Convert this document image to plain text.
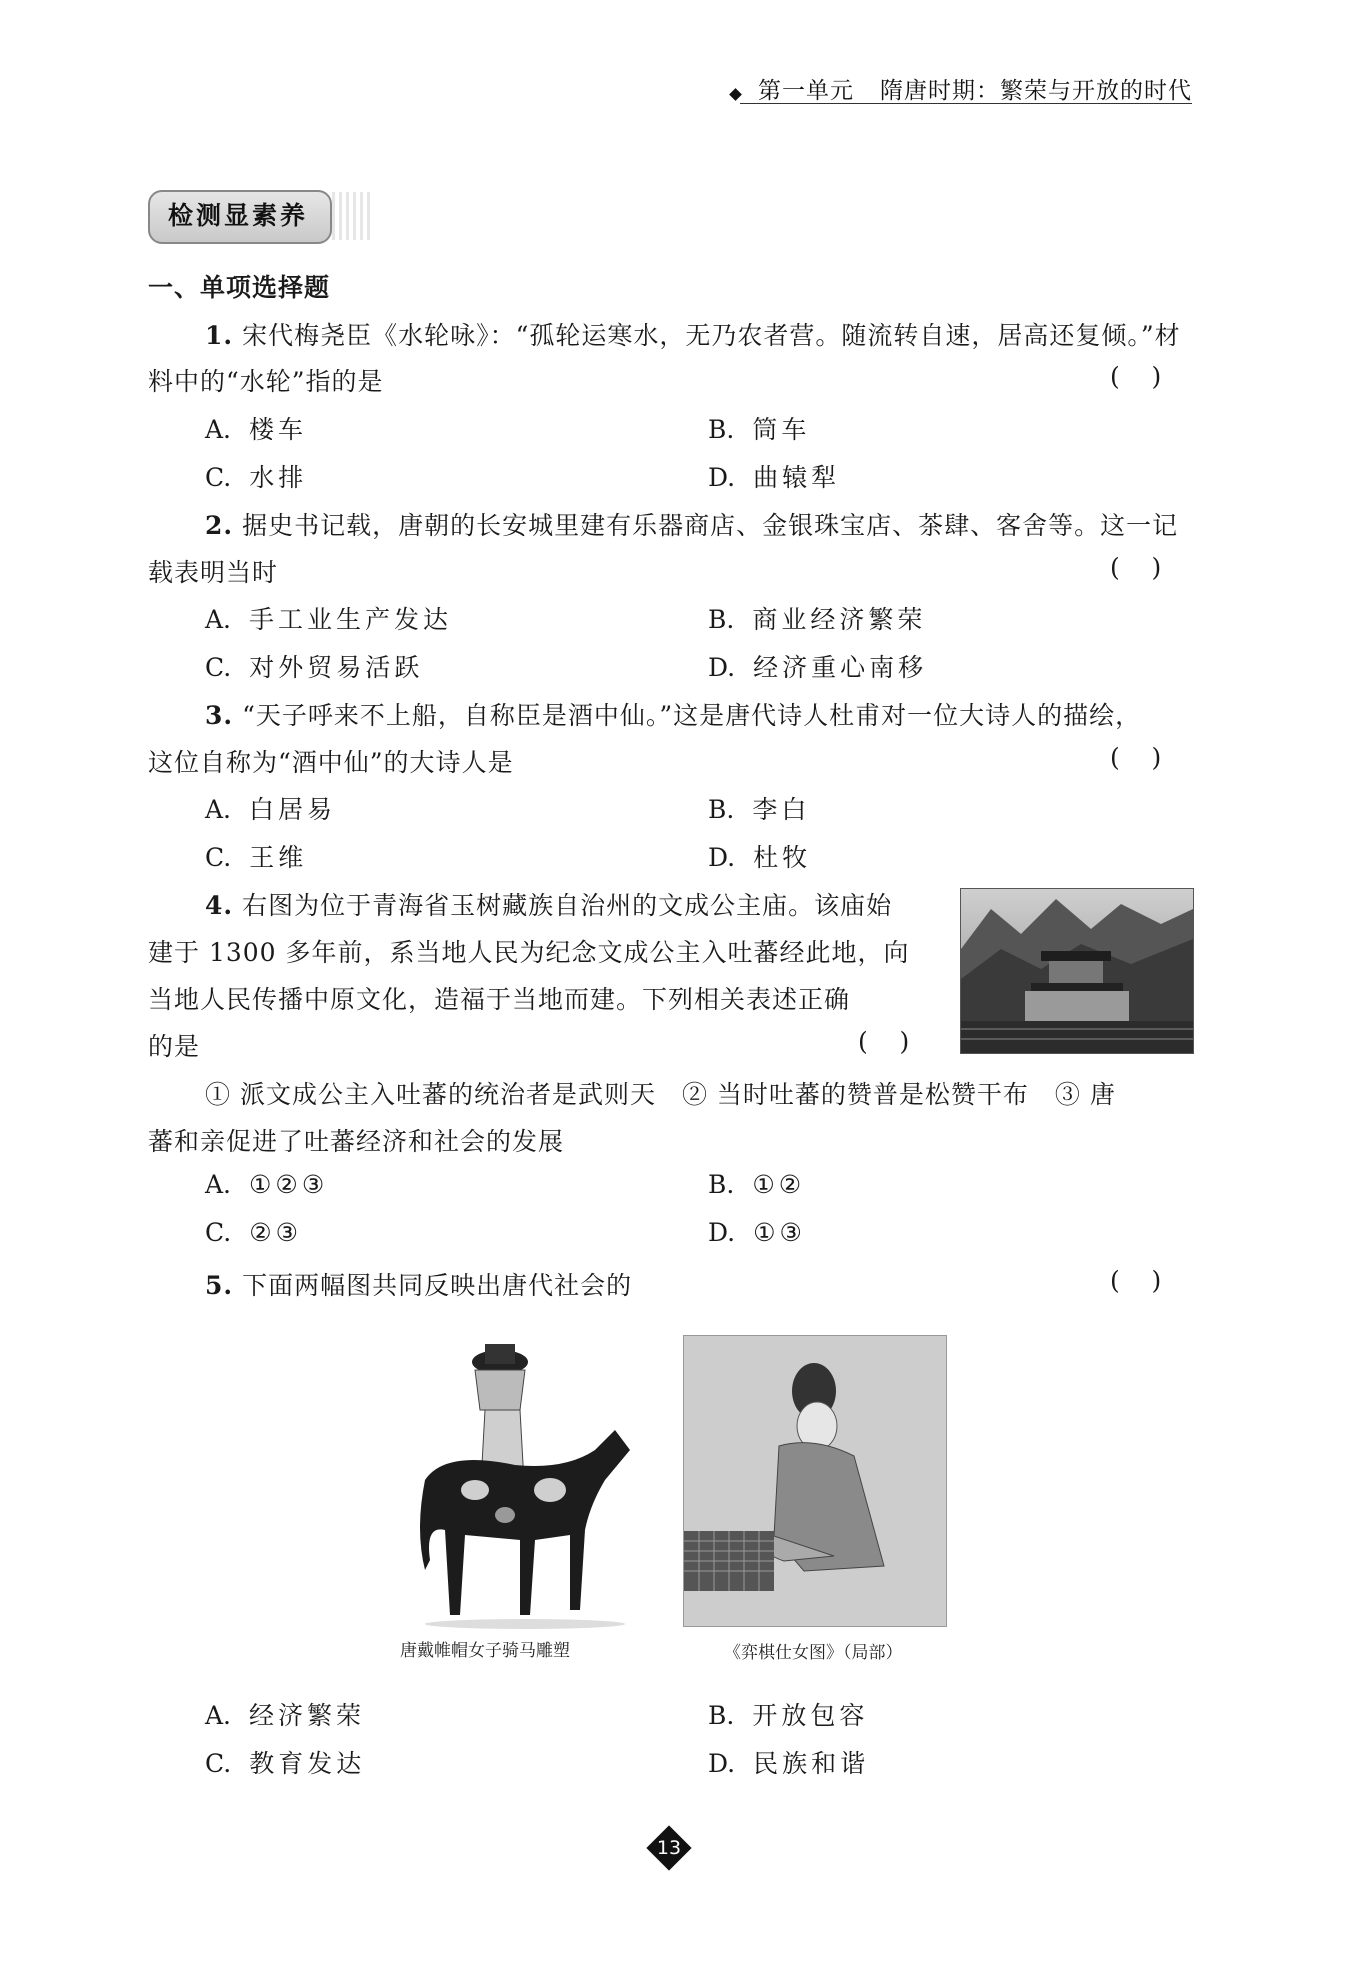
第一单元 隋唐时期：繁荣与开放的时代
检测显素养
一、单项选择题
1. 宋代梅尧臣《水轮咏》：“孤轮运寒水，无乃农者营。随流转自速，居高还复倾。”材
料中的“水轮”指的是	(    )
A. 楼车	B. 筒车
C. 水排	D. 曲辕犁
2. 据史书记载，唐朝的长安城里建有乐器商店、金银珠宝店、茶肆、客舍等。这一记
载表明当时	(    )
A. 手工业生产发达	B. 商业经济繁荣
C. 对外贸易活跃	D. 经济重心南移
3. “天子呼来不上船，自称臣是酒中仙。”这是唐代诗人杜甫对一位大诗人的描绘，
这位自称为“酒中仙”的大诗人是	(    )
A. 白居易	B. 李白
C. 王维	D. 杜牧
4. 右图为位于青海省玉树藏族自治州的文成公主庙。该庙始
建于 1300 多年前，系当地人民为纪念文成公主入吐蕃经此地，向
当地人民传播中原文化，造福于当地而建。下列相关表述正确
的是	(    )
① 派文成公主入吐蕃的统治者是武则天　② 当时吐蕃的赞普是松赞干布　③ 唐
蕃和亲促进了吐蕃经济和社会的发展
A. ①②③	B. ①②
C. ②③	D. ①③
5. 下面两幅图共同反映出唐代社会的	(    )
唐戴帷帽女子骑马雕塑	《弈棋仕女图》（局部）
A. 经济繁荣	B. 开放包容
C. 教育发达	D. 民族和谐
13
